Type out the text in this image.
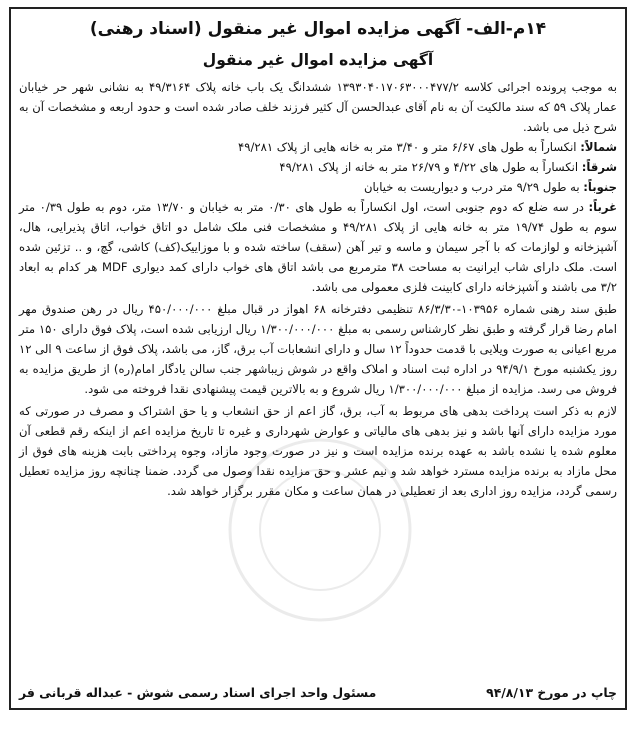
۱۴م-الف- آگهی مزایده اموال غیر منقول (اسناد رهنی)
آگهی مزایده اموال غیر منقول

به موجب پرونده اجرائی کلاسه ۱۳۹۳۰۴۰۱۷۰۶۳۰۰۰۴۷۷/۲ ششدانگ یک باب خانه پلاک ۴۹/۳۱۶۴ به نشانی شهر حر خیابان عمار پلاک ۵۹ که سند مالکیت آن به نام آقای عبدالحسن آل کثیر فرزند خلف صادر شده است و حدود اربعه و مشخصات آن به شرح ذیل می باشد.

شمالاً: انکساراً به طول های ۶/۶۷ متر و ۳/۴۰ متر به خانه هایی از پلاک ۴۹/۲۸۱

شرقاً: انکساراً به طول های ۴/۲۲ و ۲۶/۷۹ متر به خانه از پلاک ۴۹/۲۸۱

جنوباً: به طول ۹/۲۹ متر درب و دیواریست به خیابان

غرباً: در سه ضلع که دوم جنوبی است، اول انکساراً به طول های ۰/۳۰ متر به خیابان و ۱۳/۷۰ متر، دوم به طول ۰/۳۹ متر سوم به طول ۱۹/۷۴ متر به خانه هایی از پلاک ۴۹/۲۸۱ و مشخصات فنی ملک شامل دو اتاق خواب، اتاق پذیرایی، هال، آشپزخانه و لوازمات که با آجر سیمان و ماسه و تیر آهن (سقف) ساخته شده و با موزاییک(کف) کاشی، گچ، و .. تزئین شده است. ملک دارای شاب ایرانیت به مساحت ۳۸ مترمربع می باشد اتاق های خواب دارای کمد دیواری MDF هر کدام به ابعاد ۳/۲ می باشند و آشپزخانه دارای کابینت فلزی معمولی می باشد.

طبق سند رهنی شماره ۱۰۳۹۵۶-۸۶/۳/۳۰ تنظیمی دفترخانه ۶۸ اهواز در قبال مبلغ ۴۵۰/۰۰۰/۰۰۰ ریال در رهن صندوق مهر امام رضا قرار گرفته و طبق نظر کارشناس رسمی به مبلغ ۱/۳۰۰/۰۰۰/۰۰۰ ریال ارزیابی شده است، پلاک فوق دارای ۱۵۰ متر مربع اعیانی به صورت ویلایی با قدمت حدوداً ۱۲ سال و دارای انشعابات آب برق، گاز، می باشد، پلاک فوق از ساعت ۹ الی ۱۲ روز یکشنبه مورخ ۹۴/۹/۱ در اداره ثبت اسناد و املاک واقع در شوش زیباشهر جنب سالن یادگار امام(ره) از طریق مزایده به فروش می رسد. مزایده از مبلغ ۱/۳۰۰/۰۰۰/۰۰۰ ریال شروع و به بالاترین قیمت پیشنهادی نقدا فروخته می شود.

لازم به ذکر است پرداخت بدهی های مربوط به آب، برق، گاز اعم از حق انشعاب و یا حق اشتراک و مصرف در صورتی که مورد مزایده دارای آنها باشد و نیز بدهی های مالیاتی و عوارض شهرداری و غیره تا تاریخ مزایده اعم از اینکه رقم قطعی آن معلوم شده یا نشده باشد به عهده برنده مزایده است و نیز در صورت وجود مازاد، وجوه پرداختی بابت هزینه های فوق از محل مازاد به برنده مزایده مسترد خواهد شد و نیم عشر و حق مزایده نقدا وصول می گردد. ضمنا چنانچه روز مزایده تعطیل رسمی گردد، مزایده روز اداری بعد از تعطیلی در همان ساعت و مکان مقرر برگزار خواهد شد.

چاپ در مورخ ۹۴/۸/۱۳
مسئول واحد اجرای اسناد رسمی شوش - عبداله قربانی فر
